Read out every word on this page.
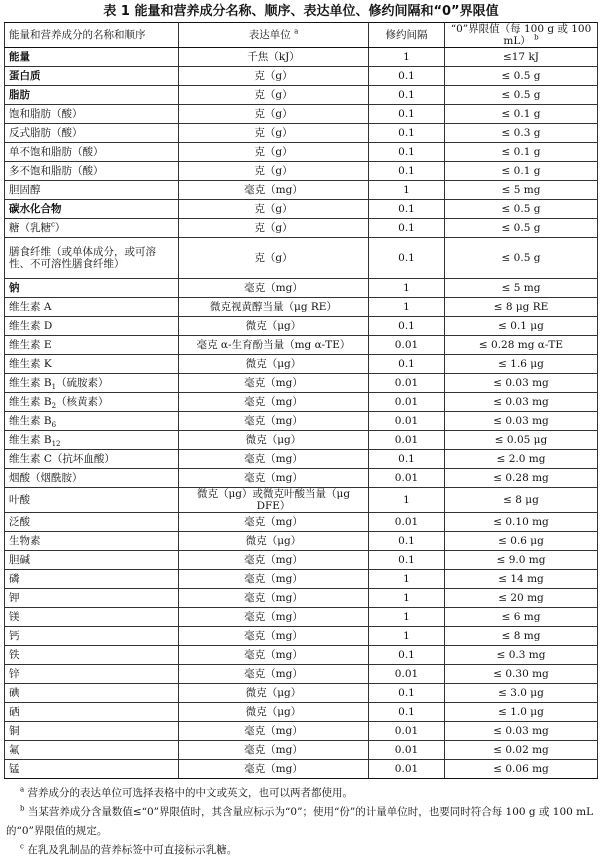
表 1 能量和营养成分名称、顺序、表达单位、修约间隔和“0”界限值
能量和营养成分的名称和顺序	表达单位 $^a$	修约间隔	“0”界限值（每 100 g 或 100 mL） $^b$
能量	千焦（kJ）	1	≤17 kJ
蛋白质	克（g）	0.1	≤ 0.5 g
脂肪	克（g）	0.1	≤ 0.5 g
饱和脂肪（酸）	克（g）	0.1	≤ 0.1 g
反式脂肪（酸）	克（g）	0.1	≤ 0.3 g
单不饱和脂肪（酸）	克（g）	0.1	≤ 0.1 g
多不饱和脂肪（酸）	克（g）	0.1	≤ 0.1 g
胆固醇	毫克（mg）	1	≤ 5 mg
碳水化合物	克（g）	0.1	≤ 0.5 g
糖（乳糖$^c$）	克（g）	0.1	≤ 0.5 g
膳食纤维（或单体成分，或可溶性、不可溶性膳食纤维）	克（g）	0.1	≤ 0.5 g
钠	毫克（mg）	1	≤ 5 mg
维生素 A	微克视黄醇当量（μg RE）	1	≤ 8 μg RE
维生素 D	微克（μg）	0.1	≤ 0.1 μg
维生素 E	毫克 α-生育酚当量（mg α-TE）	0.01	≤ 0.28 mg α-TE
维生素 K	微克（μg）	0.1	≤ 1.6 μg
维生素 $B_1$（硫胺素）	毫克（mg）	0.01	≤ 0.03 mg
维生素 $B_2$（核黄素）	毫克（mg）	0.01	≤ 0.03 mg
维生素 $B_6$	毫克（mg）	0.01	≤ 0.03 mg
维生素 $B_{12}$	微克（μg）	0.01	≤ 0.05 μg
维生素 C（抗坏血酸）	毫克（mg）	0.1	≤ 2.0 mg
烟酸（烟酰胺）	毫克（mg）	0.01	≤ 0.28 mg
叶酸	微克（μg）或微克叶酸当量（μg DFE）	1	≤ 8 μg
泛酸	毫克（mg）	0.01	≤ 0.10 mg
生物素	微克（μg）	0.1	≤ 0.6 μg
胆碱	毫克（mg）	0.1	≤ 9.0 mg
磷	毫克（mg）	1	≤ 14 mg
钾	毫克（mg）	1	≤ 20 mg
镁	毫克（mg）	1	≤ 6 mg
钙	毫克（mg）	1	≤ 8 mg
铁	毫克（mg）	0.1	≤ 0.3 mg
锌	毫克（mg）	0.01	≤ 0.30 mg
碘	微克（μg）	0.1	≤ 3.0 μg
硒	微克（μg）	0.1	≤ 1.0 μg
铜	毫克（mg）	0.01	≤ 0.03 mg
氟	毫克（mg）	0.01	≤ 0.02 mg
锰	毫克（mg）	0.01	≤ 0.06 mg

$^a$ 营养成分的表达单位可选择表格中的中文或英文，也可以两者都使用。

$^b$ 当某营养成分含量数值≤“0”界限值时，其含量应标示为“0”；使用“份”的计量单位时，也要同时符合每 100 g 或 100 mL 的“0”界限值的规定。

$^c$ 在乳及乳制品的营养标签中可直接标示乳糖。
